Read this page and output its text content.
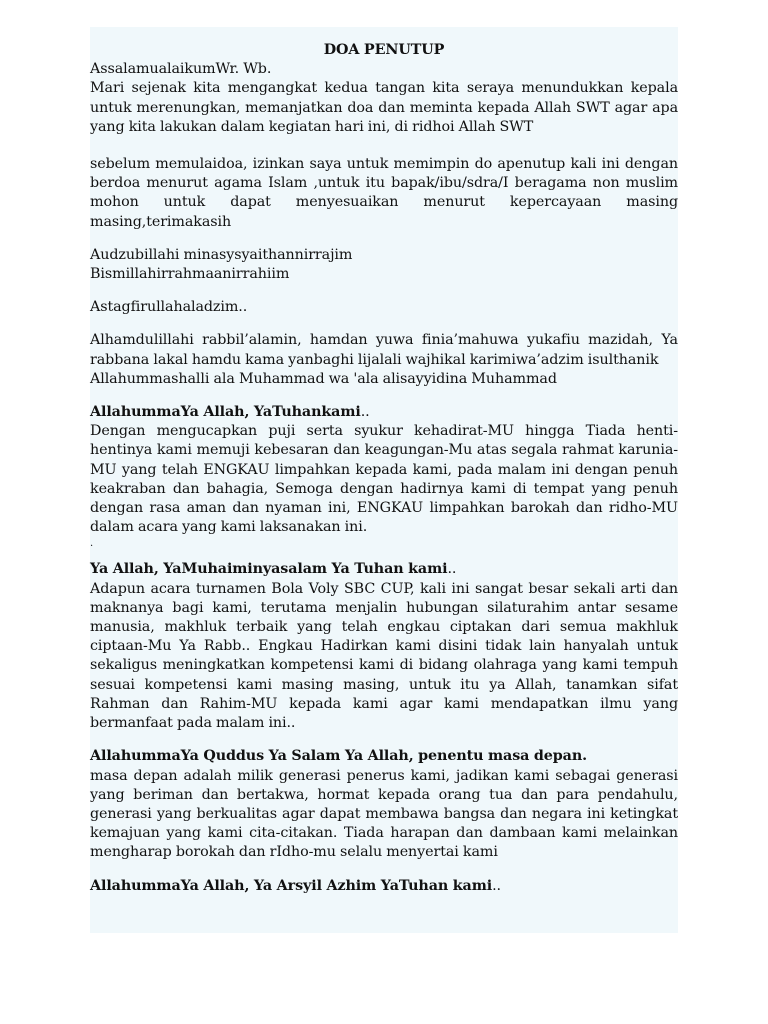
DOA PENUTUP

AssalamualaikumWr. Wb.

Mari sejenak kita mengangkat kedua tangan kita seraya menundukkan kepala untuk merenungkan, memanjatkan doa dan meminta kepada Allah SWT agar apa yang kita lakukan dalam kegiatan hari ini, di ridhoi Allah SWT

sebelum memulaidoa, izinkan saya untuk memimpin do apenutup kali ini dengan berdoa menurut agama Islam ,untuk itu bapak/ibu/sdra/I beragama non muslim mohon untuk dapat menyesuaikan menurut kepercayaan masing masing,terimakasih

Audzubillahi minasysyaithannirrajim

Bismillahirrahmaanirrahiim

Astagfirullahaladzim..

Alhamdulillahi rabbil’alamin, hamdan yuwa finia’mahuwa yukafiu mazidah, Ya rabbana lakal hamdu kama yanbaghi lijalali wajhikal karimiwa’adzim isulthanik

Allahummashalli ala Muhammad wa 'ala alisayyidina Muhammad

AllahummaYa Allah, YaTuhankami..

Dengan mengucapkan puji serta syukur kehadirat-MU hingga Tiada henti-hentinya kami memuji kebesaran dan keagungan-Mu atas segala rahmat karunia-MU yang telah ENGKAU limpahkan kepada kami, pada malam ini dengan penuh keakraban dan bahagia, Semoga dengan hadirnya kami di tempat yang penuh dengan rasa aman dan nyaman ini, ENGKAU limpahkan barokah dan ridho-MU dalam acara yang kami laksanakan ini.

.

Ya Allah, YaMuhaiminyasalam Ya Tuhan kami..

Adapun acara turnamen Bola Voly SBC CUP, kali ini sangat besar sekali arti dan maknanya bagi kami, terutama menjalin hubungan silaturahim antar sesame manusia, makhluk terbaik yang telah engkau ciptakan dari semua makhluk ciptaan-Mu Ya Rabb.. Engkau Hadirkan kami disini tidak lain hanyalah untuk sekaligus meningkatkan kompetensi kami di bidang olahraga yang kami tempuh sesuai kompetensi kami masing masing, untuk itu ya Allah, tanamkan sifat Rahman dan Rahim-MU kepada kami agar kami mendapatkan ilmu yang bermanfaat pada malam ini..

AllahummaYa Quddus Ya Salam Ya Allah, penentu masa depan.

masa depan adalah milik generasi penerus kami, jadikan kami sebagai generasi yang beriman dan bertakwa, hormat kepada orang tua dan para pendahulu, generasi yang berkualitas agar dapat membawa bangsa dan negara ini ketingkat kemajuan yang kami cita-citakan. Tiada harapan dan dambaan kami melainkan mengharap borokah dan rIdho-mu selalu menyertai kami

AllahummaYa Allah, Ya Arsyil Azhim YaTuhan kami..
